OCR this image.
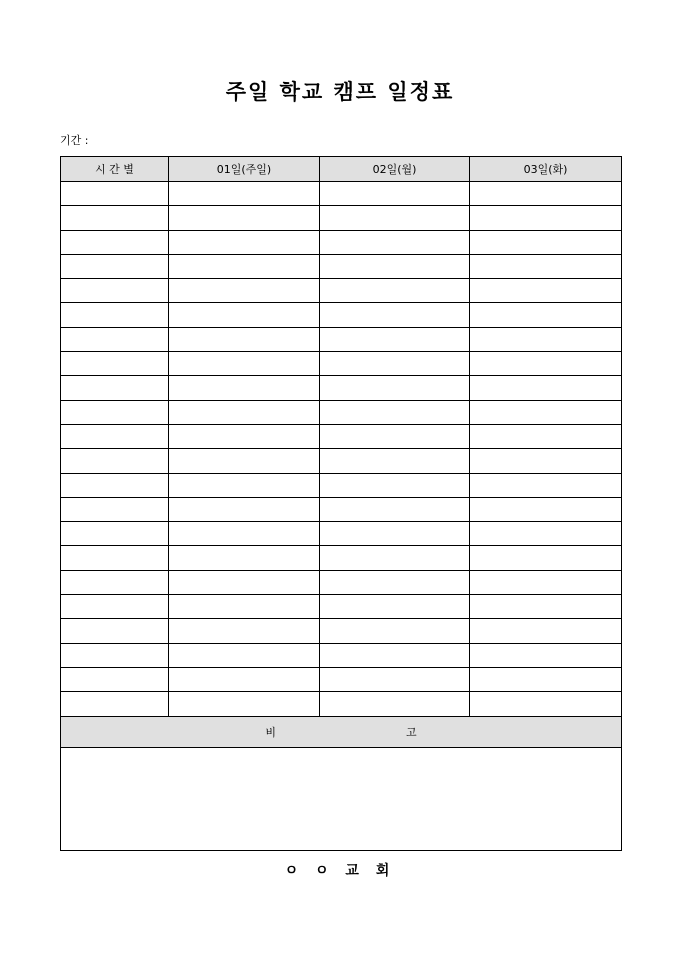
주일 학교 캠프 일정표
기간 :
시 간 별	01일(주일)	02일(월)	03일(화)

비 고			

ㅇ ㅇ 교 회
